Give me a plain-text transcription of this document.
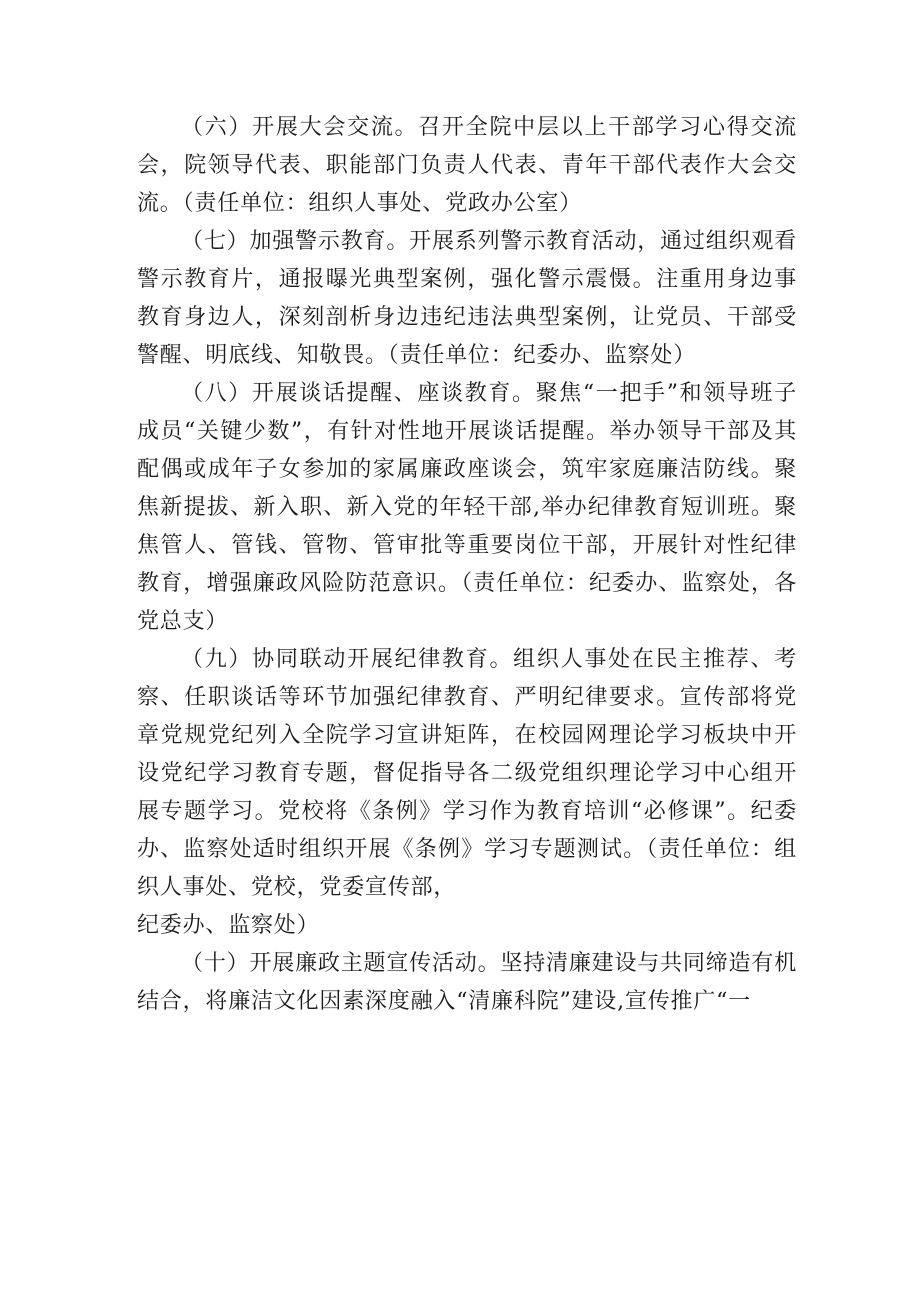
（六）开展大会交流。召开全院中层以上干部学习心得交流会，院领导代表、职能部门负责人代表、青年干部代表作大会交流。（责任单位：组织人事处、党政办公室）

（七）加强警示教育。开展系列警示教育活动，通过组织观看警示教育片，通报曝光典型案例，强化警示震慑。注重用身边事教育身边人，深刻剖析身边违纪违法典型案例，让党员、干部受警醒、明底线、知敬畏。（责任单位：纪委办、监察处）

（八）开展谈话提醒、座谈教育。聚焦“一把手”和领导班子成员“关键少数”，有针对性地开展谈话提醒。举办领导干部及其配偶或成年子女参加的家属廉政座谈会，筑牢家庭廉洁防线。聚焦新提拔、新入职、新入党的年轻干部,举办纪律教育短训班。聚焦管人、管钱、管物、管审批等重要岗位干部，开展针对性纪律教育，增强廉政风险防范意识。（责任单位：纪委办、监察处，各党总支）

（九）协同联动开展纪律教育。组织人事处在民主推荐、考察、任职谈话等环节加强纪律教育、严明纪律要求。宣传部将党章党规党纪列入全院学习宣讲矩阵，在校园网理论学习板块中开设党纪学习教育专题，督促指导各二级党组织理论学习中心组开展专题学习。党校将《条例》学习作为教育培训“必修课”。纪委办、监察处适时组织开展《条例》学习专题测试。（责任单位：组织人事处、党校，党委宣传部，

纪委办、监察处）

（十）开展廉政主题宣传活动。坚持清廉建设与共同缔造有机结合，将廉洁文化因素深度融入“清廉科院”建设,宣传推广“一
